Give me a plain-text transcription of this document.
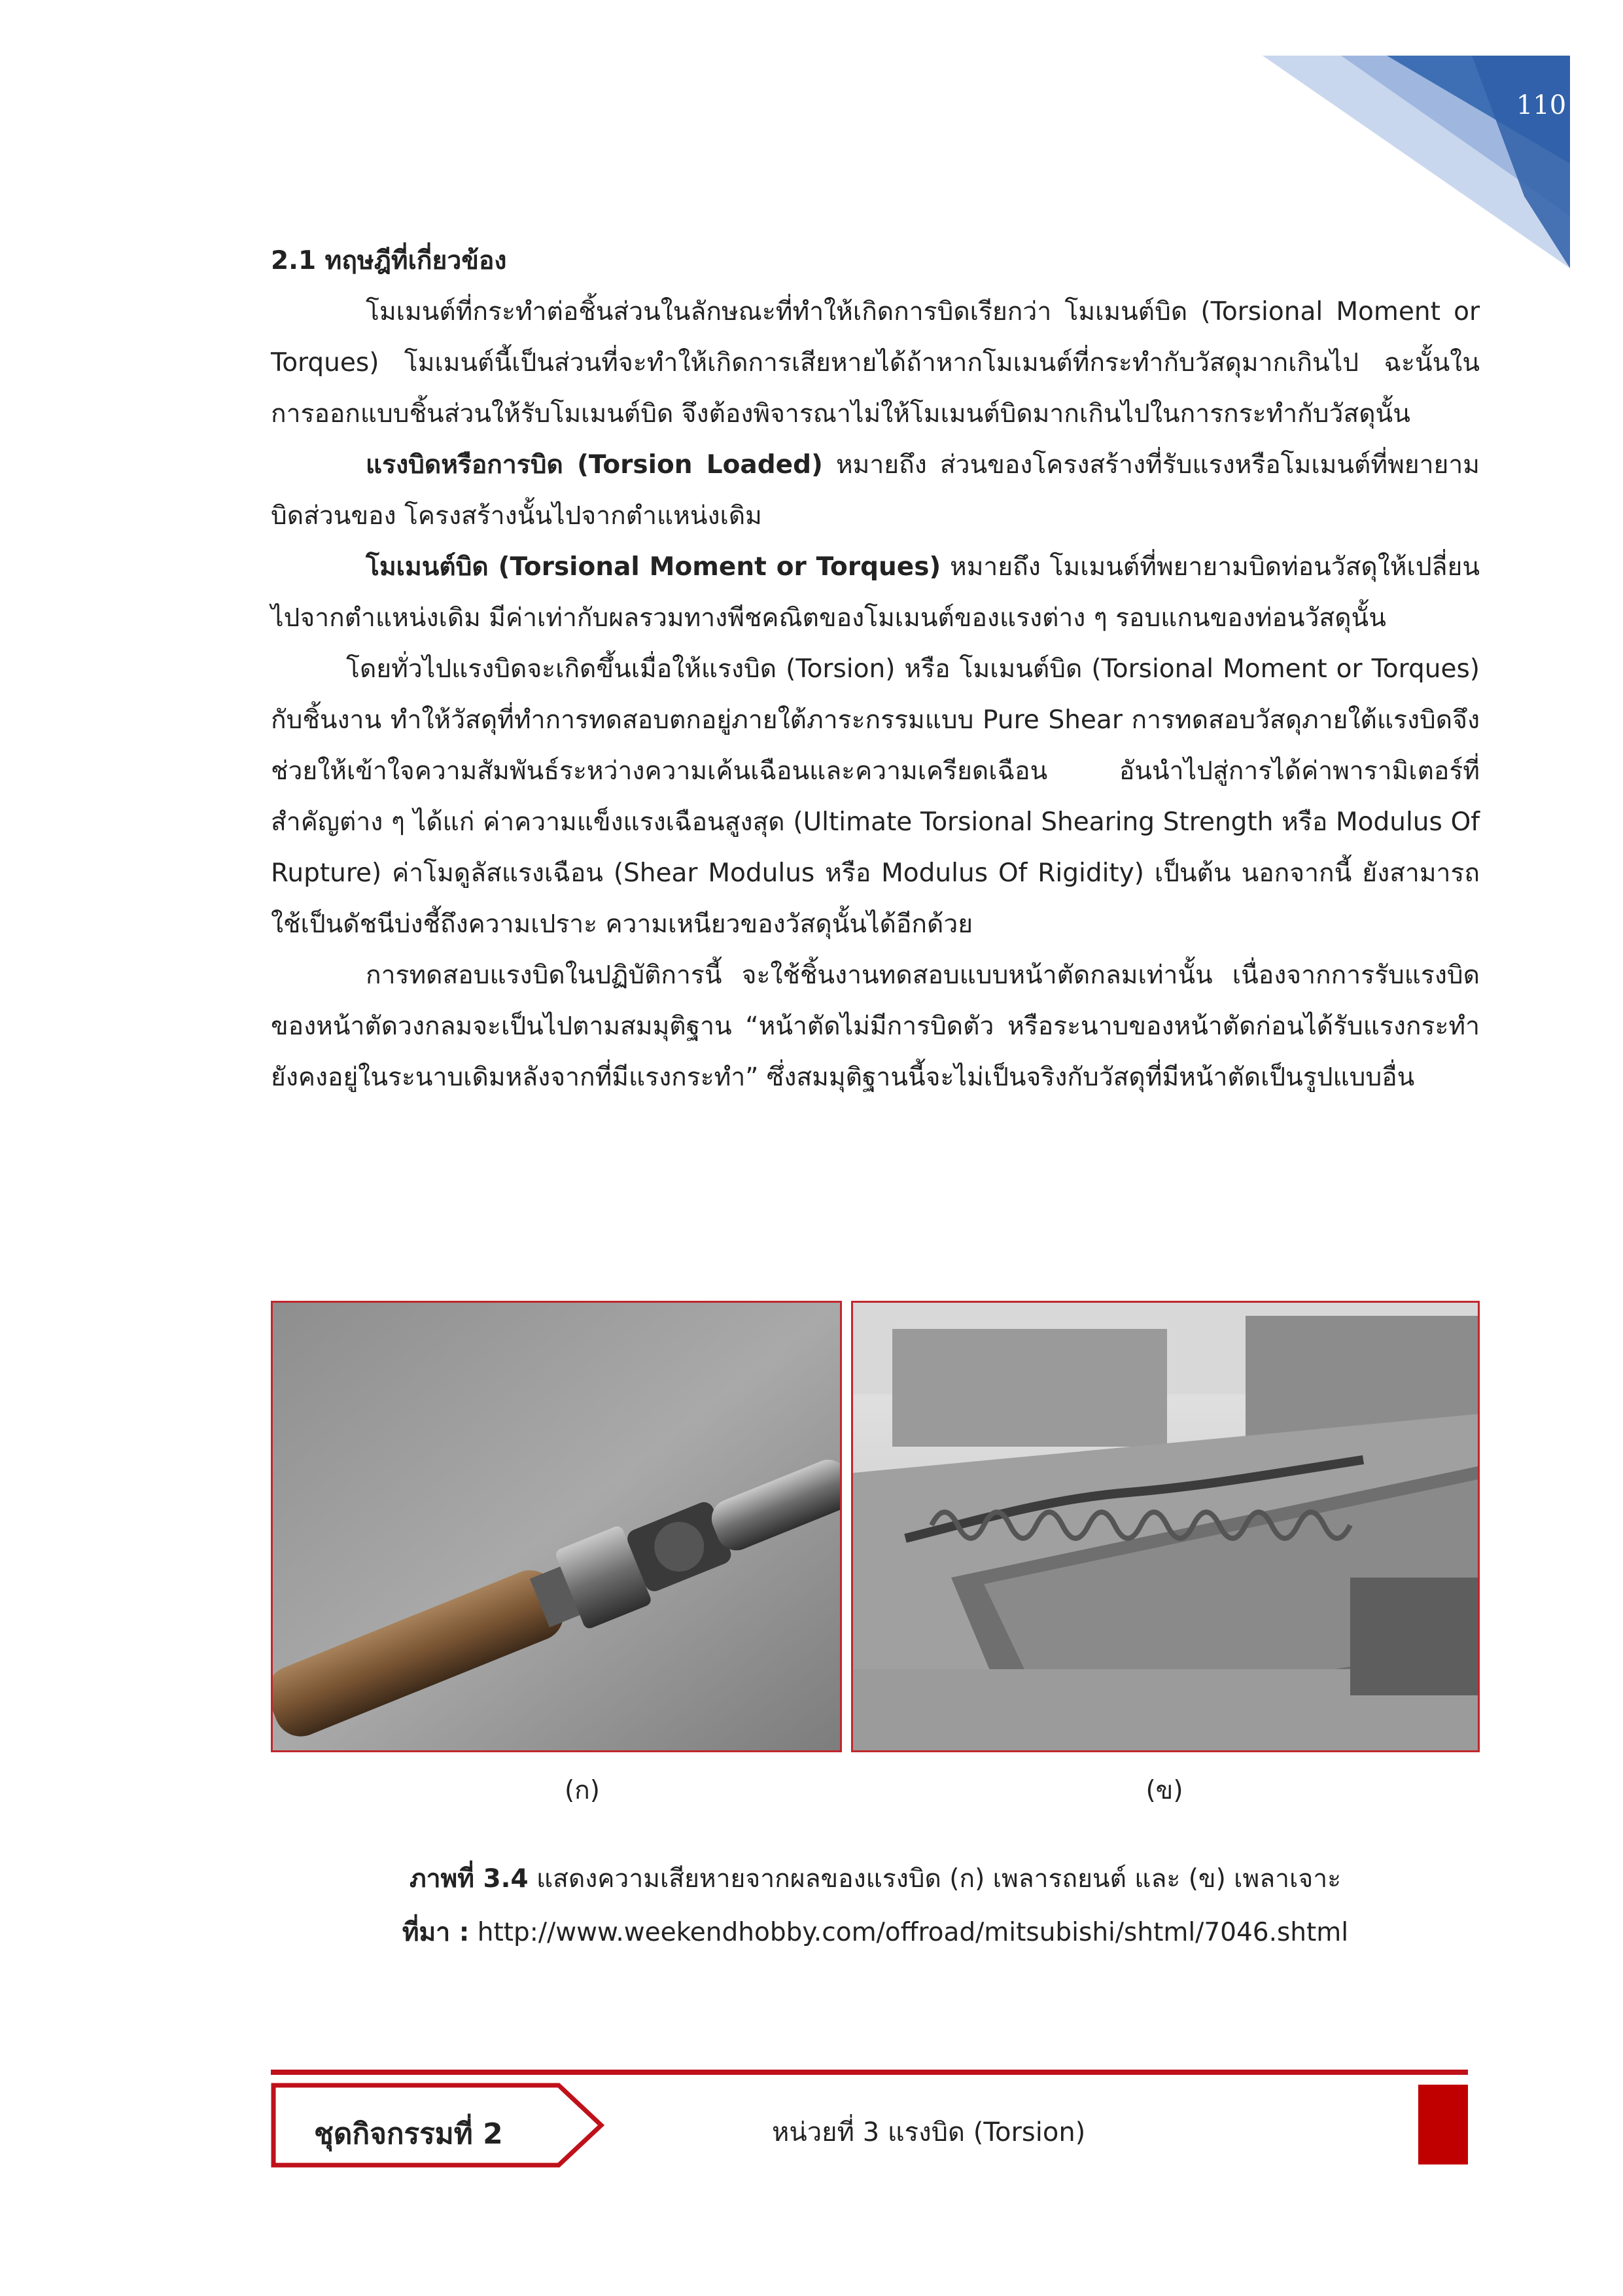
110

2.1 ทฤษฎีที่เกี่ยวข้อง

โมเมนต์ที่กระทำต่อชิ้นส่วนในลักษณะที่ทำให้เกิดการบิดเรียกว่า โมเมนต์บิด (Torsional Moment or Torques) โมเมนต์นี้เป็นส่วนที่จะทำให้เกิดการเสียหายได้ถ้าหากโมเมนต์ที่กระทำกับวัสดุมากเกินไป ฉะนั้นในการออกแบบชิ้นส่วนให้รับโมเมนต์บิด จึงต้องพิจารณาไม่ให้โมเมนต์บิดมากเกินไปในการกระทำกับวัสดุนั้น

แรงบิดหรือการบิด (Torsion Loaded) หมายถึง ส่วนของโครงสร้างที่รับแรงหรือโมเมนต์ที่พยายามบิดส่วนของ โครงสร้างนั้นไปจากตำแหน่งเดิม

โมเมนต์บิด (Torsional Moment or Torques) หมายถึง โมเมนต์ที่พยายามบิดท่อนวัสดุให้เปลี่ยนไปจากตำแหน่งเดิม มีค่าเท่ากับผลรวมทางพีชคณิตของโมเมนต์ของแรงต่าง ๆ รอบแกนของท่อนวัสดุนั้น

โดยทั่วไปแรงบิดจะเกิดขึ้นเมื่อให้แรงบิด (Torsion) หรือ โมเมนต์บิด (Torsional Moment or Torques) กับชิ้นงาน ทำให้วัสดุที่ทำการทดสอบตกอยู่ภายใต้ภาระกรรมแบบ Pure Shear การทดสอบวัสดุภายใต้แรงบิดจึงช่วยให้เข้าใจความสัมพันธ์ระหว่างความเค้นเฉือนและความเครียดเฉือน อันนำไปสู่การได้ค่าพารามิเตอร์ที่สำคัญต่าง ๆ ได้แก่ ค่าความแข็งแรงเฉือนสูงสุด (Ultimate Torsional Shearing Strength หรือ Modulus Of Rupture) ค่าโมดูลัสแรงเฉือน (Shear Modulus หรือ Modulus Of Rigidity) เป็นต้น นอกจากนี้ ยังสามารถใช้เป็นดัชนีบ่งชี้ถึงความเปราะ ความเหนียวของวัสดุนั้นได้อีกด้วย

การทดสอบแรงบิดในปฏิบัติการนี้ จะใช้ชิ้นงานทดสอบแบบหน้าตัดกลมเท่านั้น เนื่องจากการรับแรงบิดของหน้าตัดวงกลมจะเป็นไปตามสมมุติฐาน “หน้าตัดไม่มีการบิดตัว หรือระนาบของหน้าตัดก่อนได้รับแรงกระทำยังคงอยู่ในระนาบเดิมหลังจากที่มีแรงกระทำ” ซึ่งสมมุติฐานนี้จะไม่เป็นจริงกับวัสดุที่มีหน้าตัดเป็นรูปแบบอื่น

(ก)	(ข)
ภาพที่ 3.4 แสดงความเสียหายจากผลของแรงบิด (ก) เพลารถยนต์ และ (ข) เพลาเจาะ
ที่มา : http://www.weekendhobby.com/offroad/mitsubishi/shtml/7046.shtml
ชุดกิจกรรมที่ 2	หน่วยที่ 3 แรงบิด (Torsion)
